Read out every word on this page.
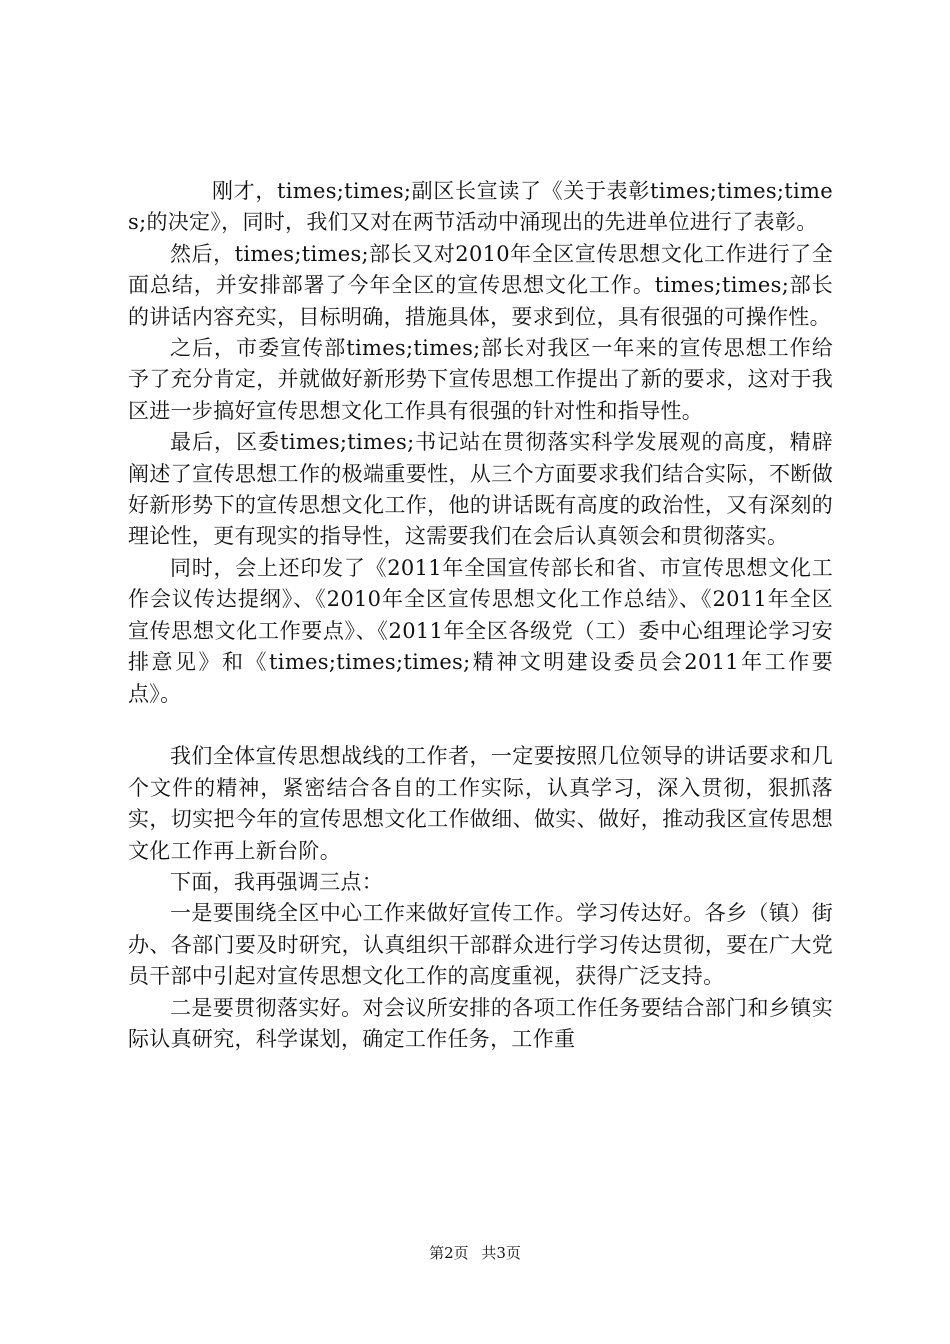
刚才，times;times;副区长宣读了《关于表彰times;times;times;的决定》，同时，我们又对在两节活动中涌现出的先进单位进行了表彰。

然后，times;times;部长又对2010年全区宣传思想文化工作进行了全面总结，并安排部署了今年全区的宣传思想文化工作。times;times;部长的讲话内容充实，目标明确，措施具体，要求到位，具有很强的可操作性。

之后，市委宣传部times;times;部长对我区一年来的宣传思想工作给予了充分肯定，并就做好新形势下宣传思想工作提出了新的要求，这对于我区进一步搞好宣传思想文化工作具有很强的针对性和指导性。

最后，区委times;times;书记站在贯彻落实科学发展观的高度，精辟阐述了宣传思想工作的极端重要性，从三个方面要求我们结合实际，不断做好新形势下的宣传思想文化工作，他的讲话既有高度的政治性，又有深刻的理论性，更有现实的指导性，这需要我们在会后认真领会和贯彻落实。

同时，会上还印发了《2011年全国宣传部长和省、市宣传思想文化工作会议传达提纲》、《2010年全区宣传思想文化工作总结》、《2011年全区宣传思想文化工作要点》、《2011年全区各级党（工）委中心组理论学习安排意见》和《times;times;times;精神文明建设委员会2011年工作要点》。

我们全体宣传思想战线的工作者，一定要按照几位领导的讲话要求和几个文件的精神，紧密结合各自的工作实际，认真学习，深入贯彻，狠抓落实，切实把今年的宣传思想文化工作做细、做实、做好，推动我区宣传思想文化工作再上新台阶。

下面，我再强调三点：

一是要围绕全区中心工作来做好宣传工作。学习传达好。各乡（镇）街办、各部门要及时研究，认真组织干部群众进行学习传达贯彻，要在广大党员干部中引起对宣传思想文化工作的高度重视，获得广泛支持。

二是要贯彻落实好。对会议所安排的各项工作任务要结合部门和乡镇实际认真研究，科学谋划，确定工作任务，工作重

第2页 共3页
